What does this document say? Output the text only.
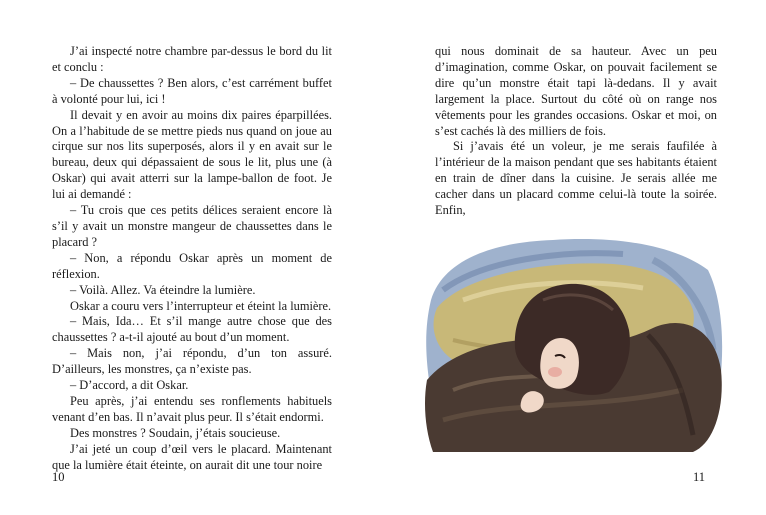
J’ai inspecté notre chambre par-dessus le bord du lit et conclu :

– De chaussettes ? Ben alors, c’est carrément buffet à volonté pour lui, ici !

Il devait y en avoir au moins dix paires éparpillées. On a l’habitude de se mettre pieds nus quand on joue au cirque sur nos lits superposés, alors il y en avait sur le bureau, deux qui dépassaient de sous le lit, plus une (à Oskar) qui avait atterri sur la lampe-ballon de foot. Je lui ai demandé :

– Tu crois que ces petits délices seraient encore là s’il y avait un monstre mangeur de chaussettes dans le placard ?

– Non, a répondu Oskar après un moment de réflexion.

– Voilà. Allez. Va éteindre la lumière.

Oskar a couru vers l’interrupteur et éteint la lumière.

– Mais, Ida… Et s’il mange autre chose que des chaussettes ? a-t-il ajouté au bout d’un moment.

– Mais non, j’ai répondu, d’un ton assuré. D’ailleurs, les monstres, ça n’existe pas.

– D’accord, a dit Oskar.

Peu après, j’ai entendu ses ronflements habituels venant d’en bas. Il n’avait plus peur. Il s’était endormi.

Des monstres ? Soudain, j’étais soucieuse.

J’ai jeté un coup d’œil vers le placard. Maintenant que la lumière était éteinte, on aurait dit une tour noire

10

qui nous dominait de sa hauteur. Avec un peu d’imagination, comme Oskar, on pouvait facilement se dire qu’un monstre était tapi là-dedans. Il y avait largement la place. Surtout du côté où on range nos vêtements pour les grandes occasions. Oskar et moi, on s’est cachés là des milliers de fois.

Si j’avais été un voleur, je me serais faufilée à l’intérieur de la maison pendant que ses habitants étaient en train de dîner dans la cuisine. Je serais allée me cacher dans un placard comme celui-là toute la soirée. Enfin,

11
